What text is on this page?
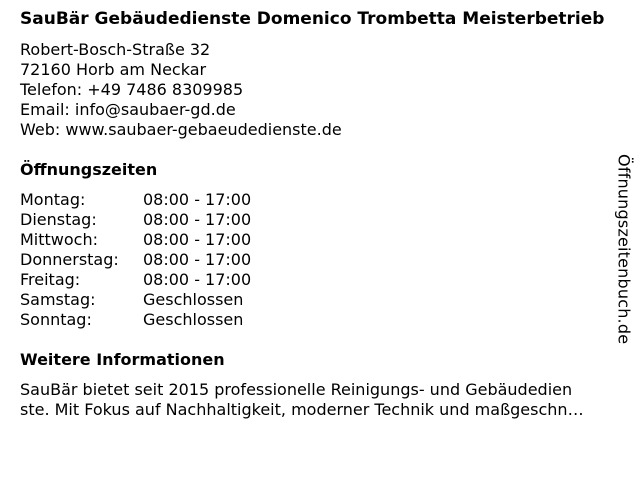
SauBär Gebäudedienste Domenico Trombetta Meisterbetrieb
Robert-Bosch-Straße 32
72160 Horb am Neckar
Telefon: +49 7486 8309985
Email: info@saubaer-gd.de
Web: www.saubaer-gebaeudedienste.de
Öffnungszeiten
Montag:	08:00 - 17:00
Dienstag:	08:00 - 17:00
Mittwoch:	08:00 - 17:00
Donnerstag:	08:00 - 17:00
Freitag:	08:00 - 17:00
Samstag:	Geschlossen
Sonntag:	Geschlossen
Weitere Informationen
SauBär bietet seit 2015 professionelle Reinigungs- und Gebäudedien
ste. Mit Fokus auf Nachhaltigkeit, moderner Technik und maßgeschn…
Öffnungszeitenbuch.de
